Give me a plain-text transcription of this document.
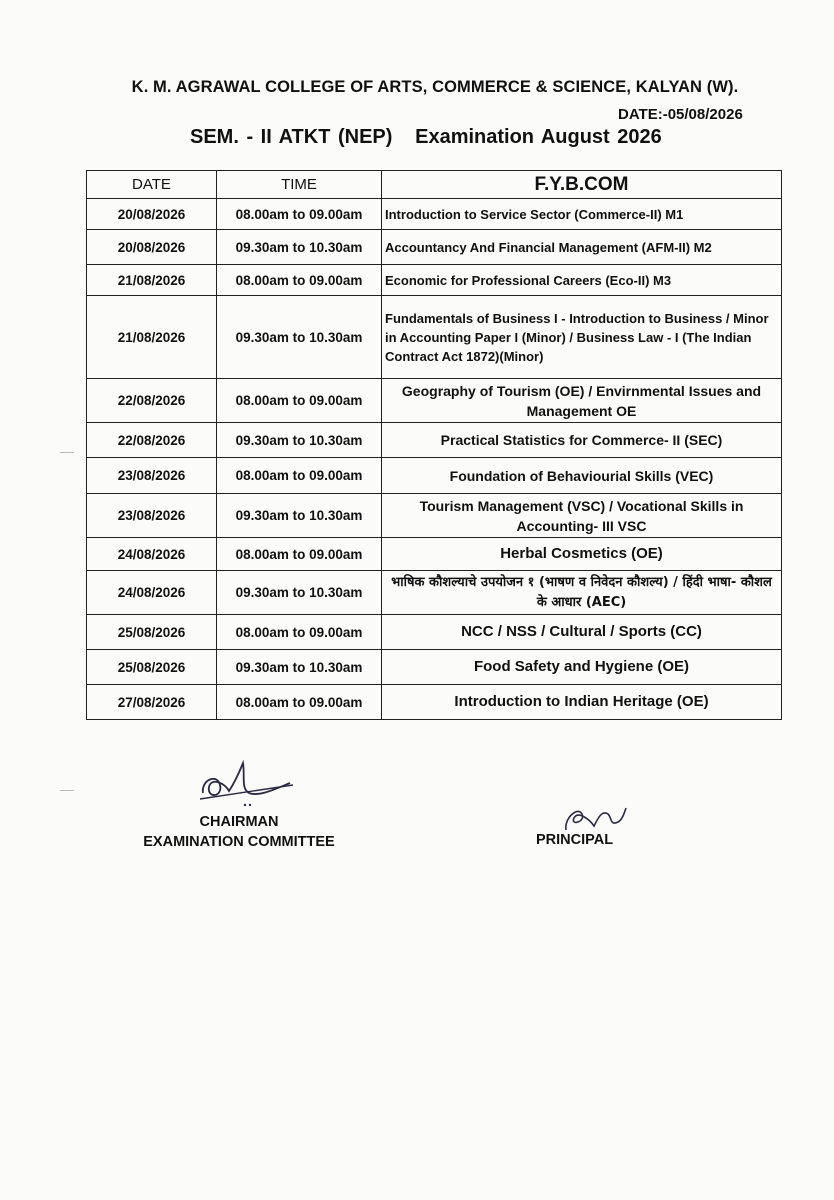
K. M. AGRAWAL COLLEGE OF ARTS, COMMERCE & SCIENCE, KALYAN (W).
DATE:-05/08/2026
SEM. - II ATKT (NEP)   Examination August 2026
DATE	TIME	F.Y.B.COM
20/08/2026	08.00am to 09.00am	Introduction to Service Sector (Commerce-II) M1
20/08/2026	09.30am to 10.30am	Accountancy And Financial Management (AFM-II) M2
21/08/2026	08.00am to 09.00am	Economic for Professional Careers (Eco-II) M3
21/08/2026	09.30am to 10.30am	Fundamentals of Business I - Introduction to Business / Minor in Accounting Paper I (Minor) / Business Law - I (The Indian Contract Act 1872)(Minor)
22/08/2026	08.00am to 09.00am	Geography of Tourism (OE) / Envirnmental Issues and Management OE
22/08/2026	09.30am to 10.30am	Practical Statistics for Commerce- II (SEC)
23/08/2026	08.00am to 09.00am	Foundation of Behaviourial Skills (VEC)
23/08/2026	09.30am to 10.30am	Tourism Management (VSC) / Vocational Skills in Accounting- III VSC
24/08/2026	08.00am to 09.00am	Herbal Cosmetics (OE)
24/08/2026	09.30am to 10.30am	भाषिक कौशल्याचे उपयोजन १ (भाषण व निवेदन कौशल्य) / हिंदी भाषा- कौशल के आधार (AEC)
25/08/2026	08.00am to 09.00am	NCC / NSS / Cultural / Sports (CC)
25/08/2026	09.30am to 10.30am	Food Safety and Hygiene (OE)
27/08/2026	08.00am to 09.00am	Introduction to Indian Heritage (OE)
CHAIRMAN
EXAMINATION COMMITTEE	PRINCIPAL
